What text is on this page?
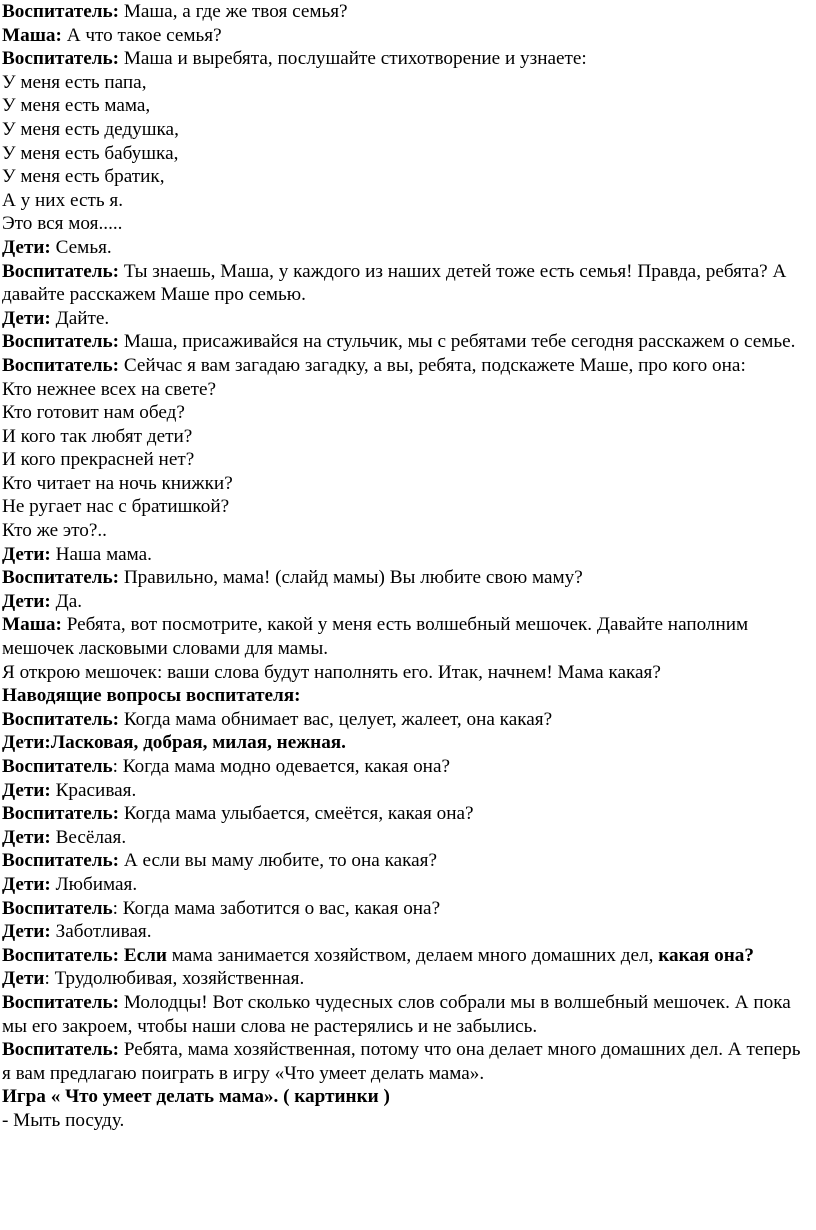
Воспитатель: Маша, а где же твоя семья?

Маша: А что такое семья?

Воспитатель: Маша и выребята, послушайте стихотворение и узнаете:

У меня есть папа,

У меня есть мама,

У меня есть дедушка,

У меня есть бабушка,

У меня есть братик,

А у них есть я.

Это вся моя.....

Дети: Семья.

Воспитатель: Ты знаешь, Маша, у каждого из наших детей тоже есть семья! Правда, ребята? А давайте расскажем Маше про семью.

Дети: Дайте.

Воспитатель: Маша, присаживайся на стульчик, мы с ребятами тебе сегодня расскажем о семье.

Воспитатель: Сейчас я вам загадаю загадку, а вы, ребята, подскажете Маше, про кого она:

Кто нежнее всех на свете?

Кто готовит нам обед?

И кого так любят дети?

И кого прекрасней нет?

Кто читает на ночь книжки?

Не ругает нас с братишкой?

Кто же это?..

Дети: Наша мама.

Воспитатель: Правильно, мама! (слайд мамы) Вы любите свою маму?

Дети: Да.

Маша: Ребята, вот посмотрите, какой у меня есть волшебный мешочек. Давайте наполним мешочек ласковыми словами для мамы.

Я открою мешочек: ваши слова будут наполнять его. Итак, начнем! Мама какая?

Наводящие вопросы воспитателя:

Воспитатель: Когда мама обнимает вас, целует, жалеет, она какая?

Дети:Ласковая, добрая, милая, нежная.

Воспитатель: Когда мама модно одевается, какая она?

Дети: Красивая.

Воспитатель: Когда мама улыбается, смеётся, какая она?

Дети: Весёлая.

Воспитатель: А если вы маму любите, то она какая?

Дети: Любимая.

Воспитатель: Когда мама заботится о вас, какая она?

Дети: Заботливая.

Воспитатель: Если мама занимается хозяйством, делаем много домашних дел, какая она?

Дети: Трудолюбивая, хозяйственная.

Воспитатель: Молодцы! Вот сколько чудесных слов собрали мы в волшебный мешочек. А пока мы его закроем, чтобы наши слова не растерялись и не забылись.

Воспитатель: Ребята, мама хозяйственная, потому что она делает много домашних дел. А теперь я вам предлагаю поиграть в игру «Что умеет делать мама».

Игра « Что умеет делать мама». ( картинки )

- Мыть посуду.
